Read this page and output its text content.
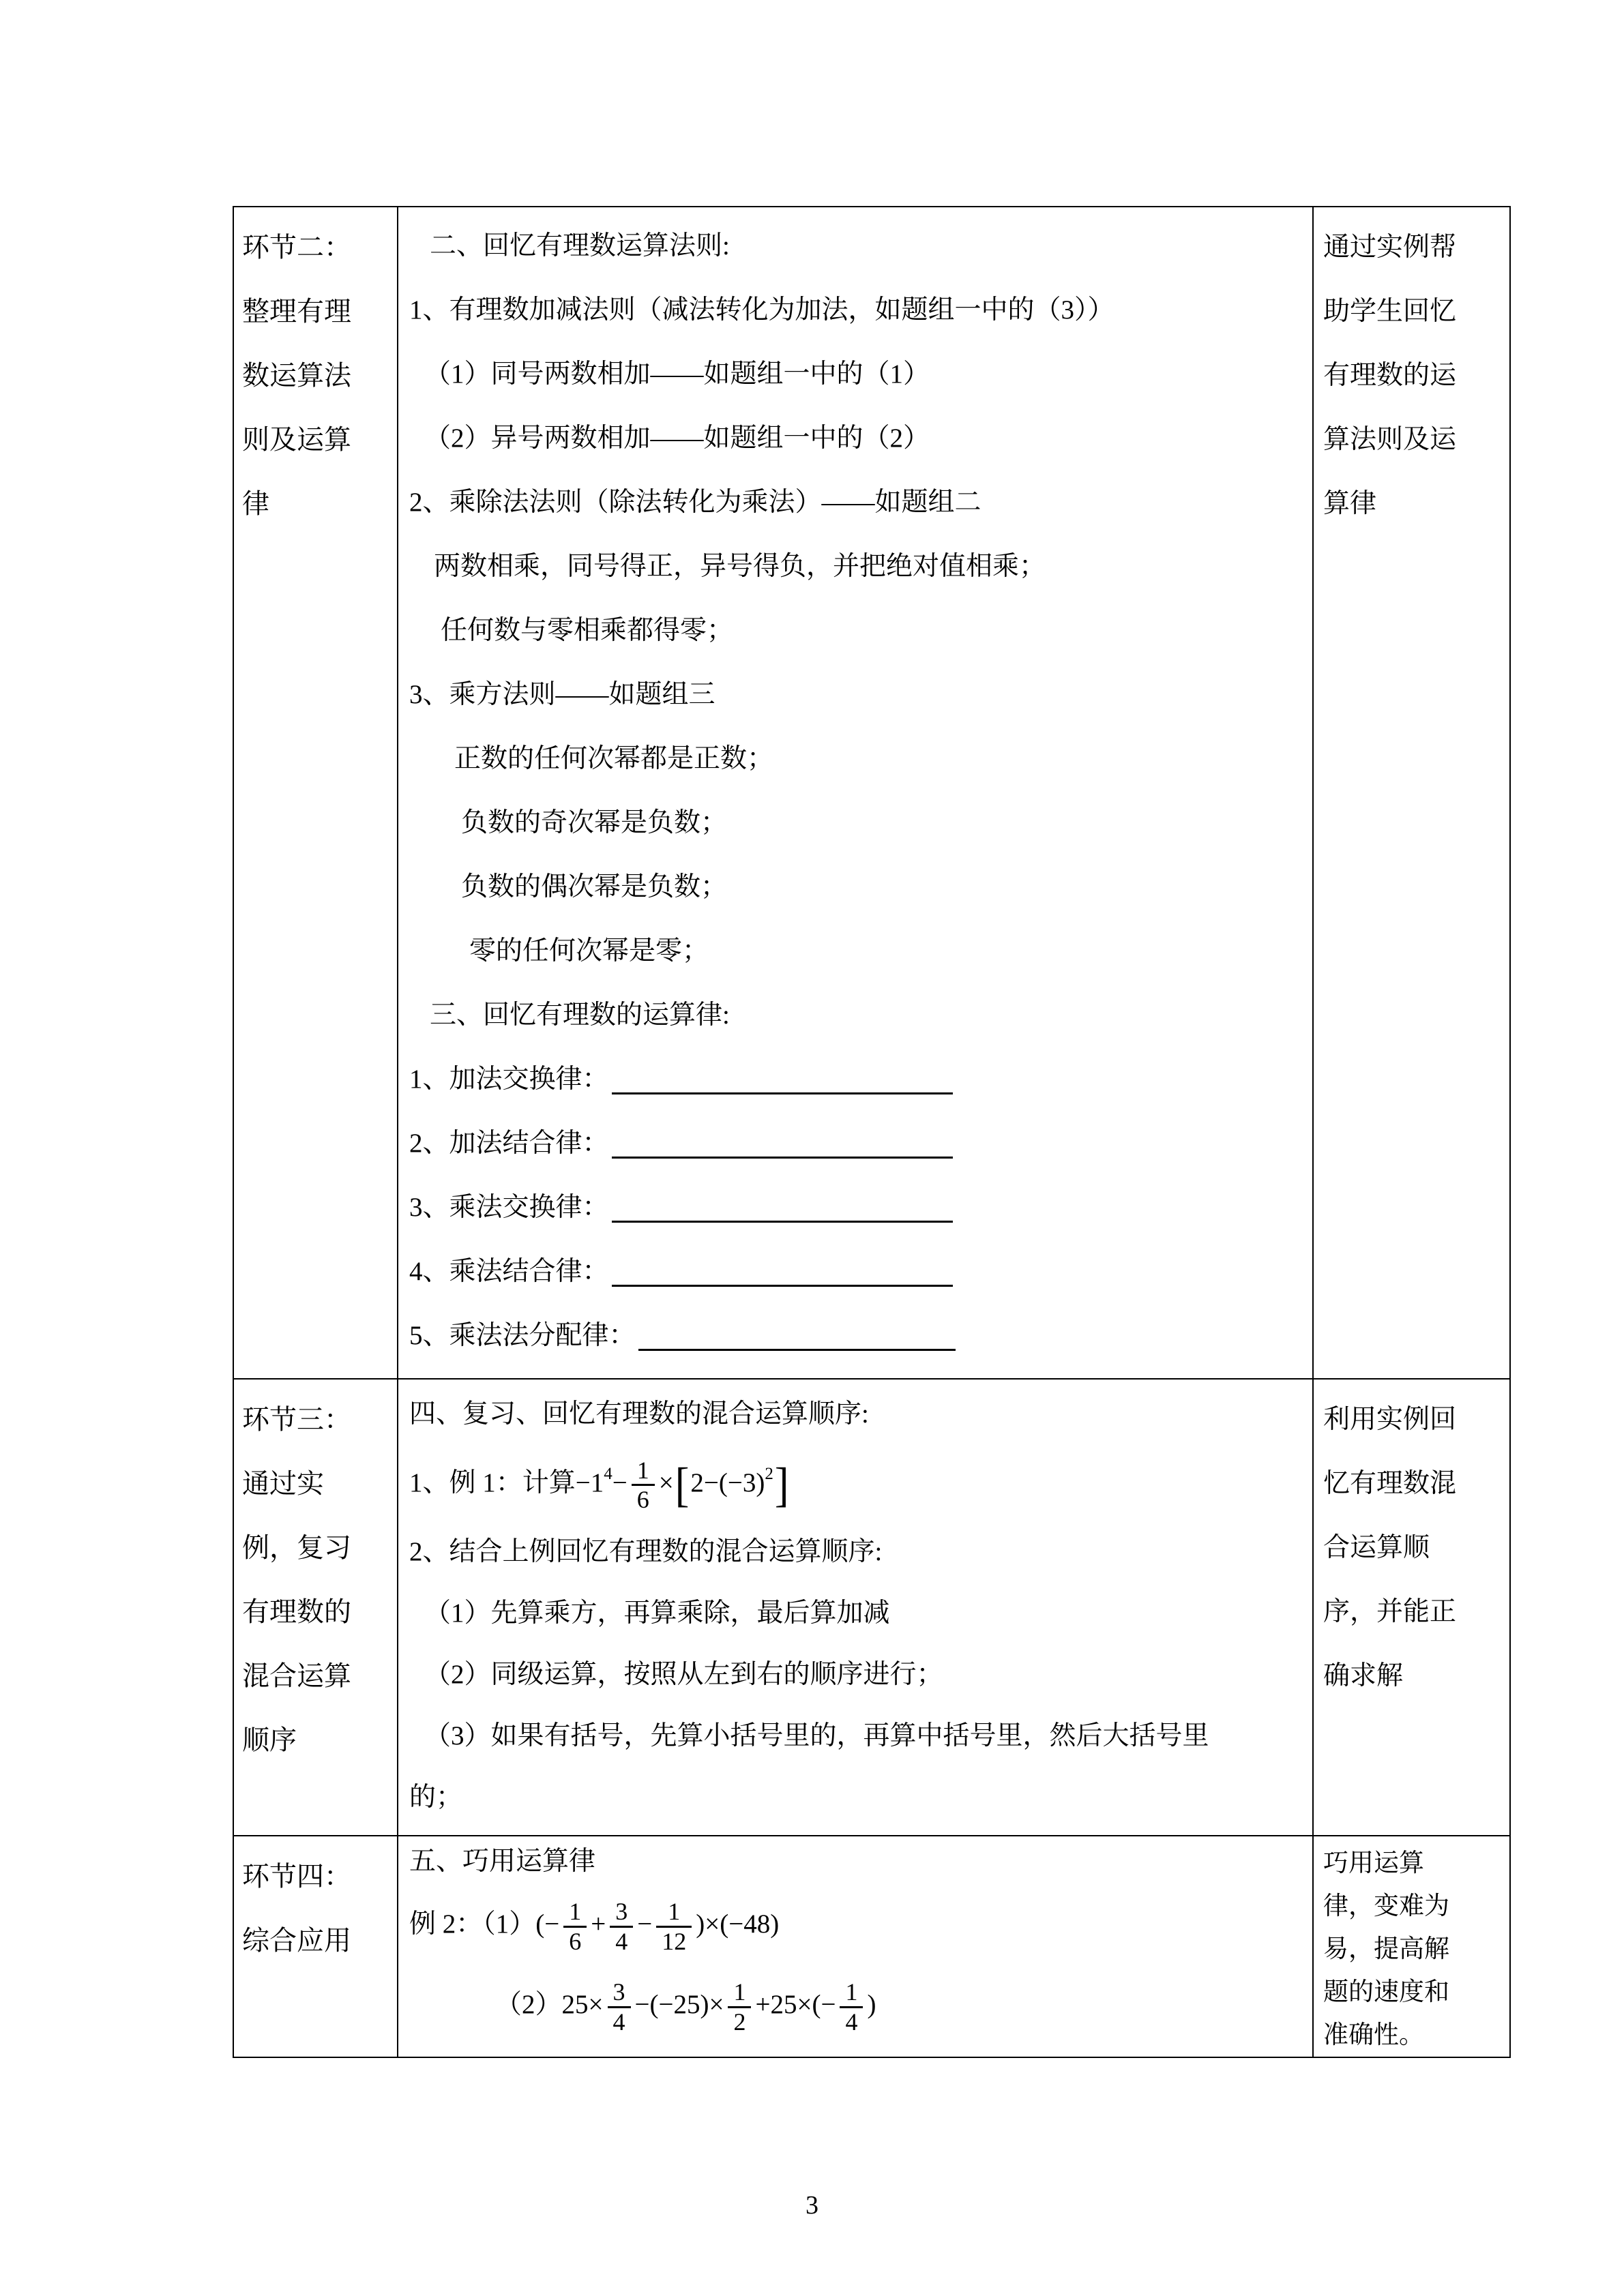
环节二：
整理有理
数运算法
则及运算
律
二、回忆有理数运算法则:
1、有理数加减法则（减法转化为加法，如题组一中的（3））
（1）同号两数相加——如题组一中的（1）
（2）异号两数相加——如题组一中的（2）
2、乘除法法则（除法转化为乘法）——如题组二
两数相乘，同号得正，异号得负，并把绝对值相乘；
任何数与零相乘都得零；
3、乘方法则——如题组三
正数的任何次幂都是正数；
负数的奇次幂是负数；
负数的偶次幂是负数；
零的任何次幂是零；
三、回忆有理数的运算律:
1、加法交换律：
2、加法结合律：
3、乘法交换律：
4、乘法结合律：
5、乘法法分配律：
通过实例帮
助学生回忆
有理数的运
算法则及运
算律
环节三：
通过实
例，复习
有理数的
混合运算
顺序
四、复习、回忆有理数的混合运算顺序:
1、例 1：计算$-1^4- \frac{1}{6} \times[2-(-3)^2]$
2、结合上例回忆有理数的混合运算顺序:
（1）先算乘方，再算乘除，最后算加减
（2）同级运算，按照从左到右的顺序进行；
（3）如果有括号，先算小括号里的，再算中括号里，然后大括号里
的；
利用实例回
忆有理数混
合运算顺
序，并能正
确求解
环节四：
综合应用
五、巧用运算律
例 2：$(1)(- \frac{1}{6} + \frac{3}{4} - \frac{1}{12} )\times(-48)$
$(2)25\times \frac{3}{4} -(-25)\times \frac{1}{2} +25\times(- \frac{1}{4}$ )
巧用运算
律，变难为
易，提高解
题的速度和
准确性。
3
